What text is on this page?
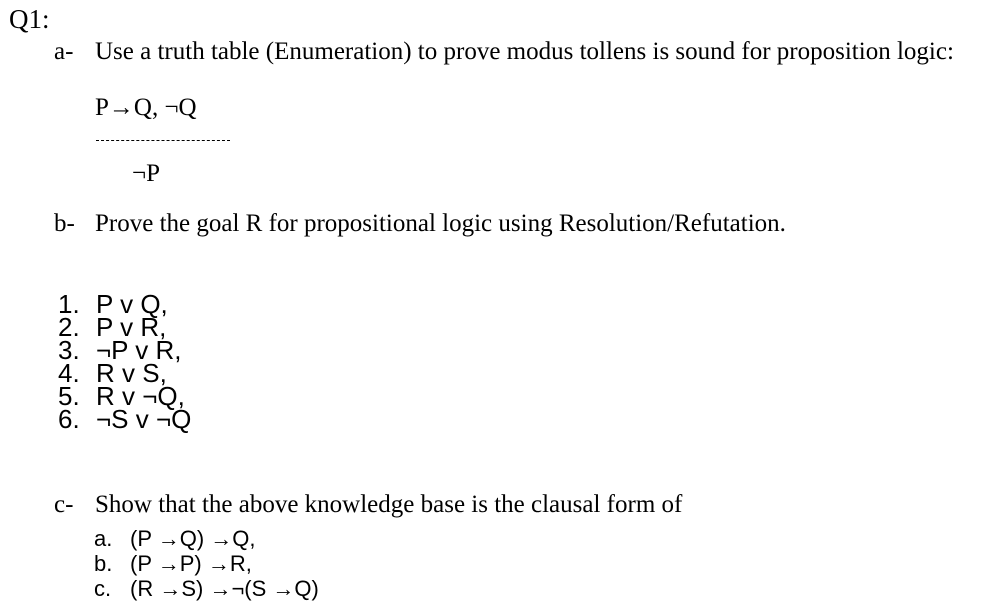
Q1:
a- Use a truth table (Enumeration) to prove modus tollens is sound for proposition logic:
P→Q, ¬Q
¬P
b- Prove the goal R for propositional logic using Resolution/Refutation.
1. P v Q,
2. P v R,
3. ¬P v R,
4. R v S,
5. R v ¬Q,
6. ¬S v ¬Q
c- Show that the above knowledge base is the clausal form of
a. (P →Q) →Q,
b. (P →P) →R,
c. (R →S) →¬(S →Q)
